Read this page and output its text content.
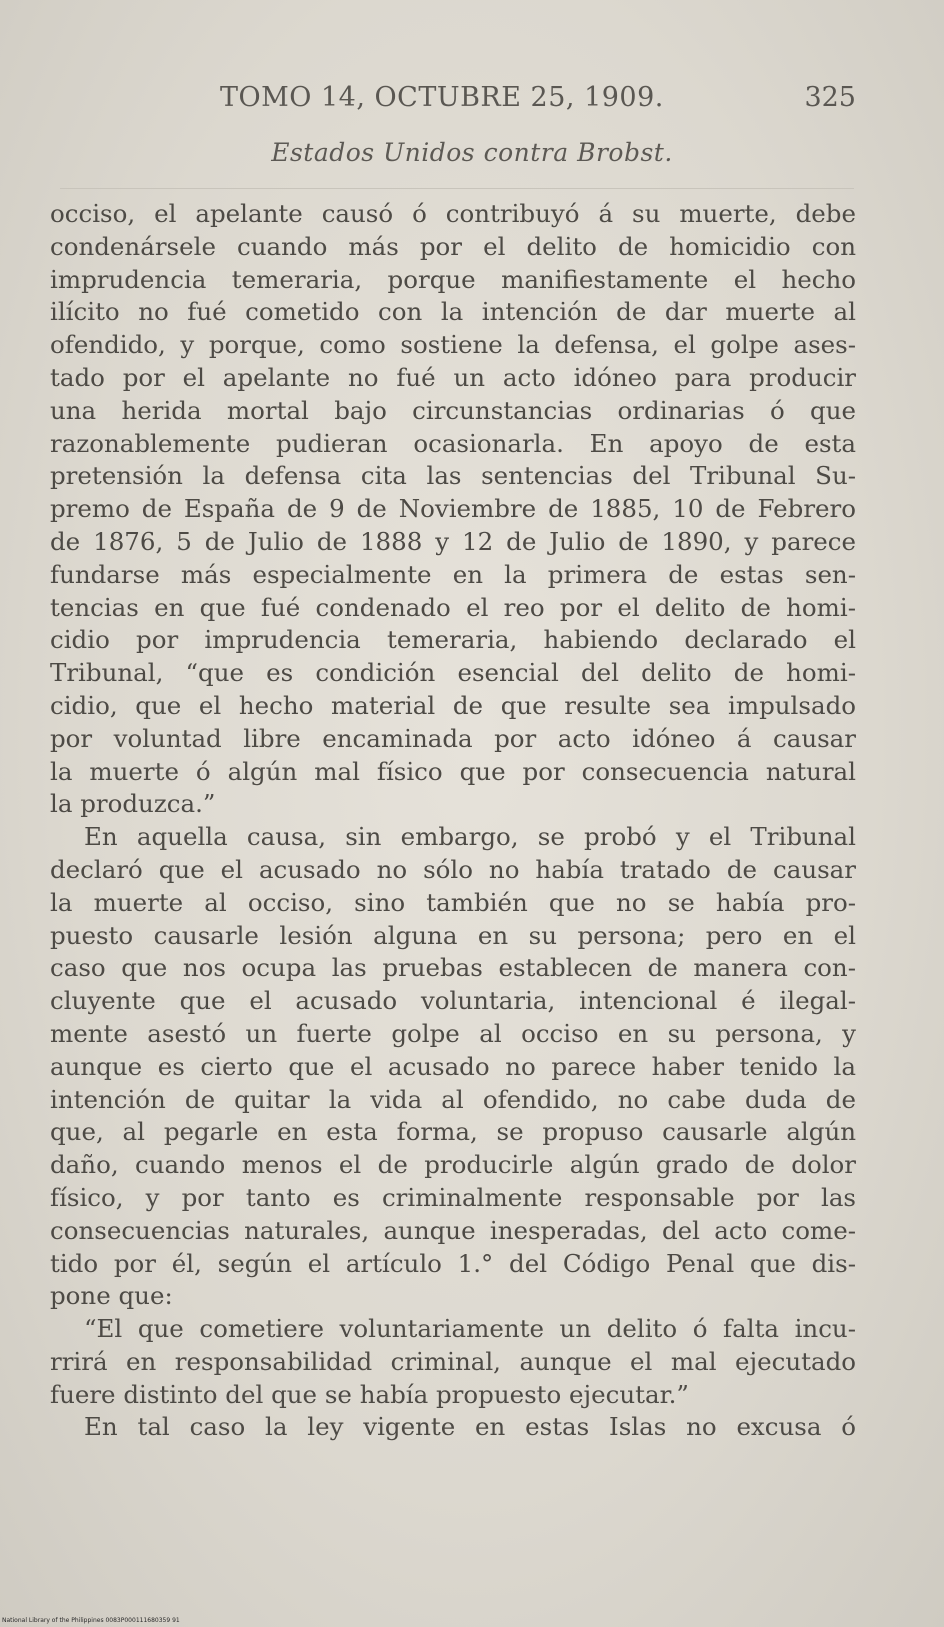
TOMO 14, OCTUBRE 25, 1909.	325
Estados Unidos contra Brobst.

occiso, el apelante causó ó contribuyó á su muerte, debe
condenársele cuando más por el delito de homicidio con
imprudencia temeraria, porque manifiestamente el hecho
ilícito no fué cometido con la intención de dar muerte al
ofendido, y porque, como sostiene la defensa, el golpe ases-
tado por el apelante no fué un acto idóneo para producir
una herida mortal bajo circunstancias ordinarias ó que
razonablemente pudieran ocasionarla. En apoyo de esta
pretensión la defensa cita las sentencias del Tribunal Su-
premo de España de 9 de Noviembre de 1885, 10 de Febrero
de 1876, 5 de Julio de 1888 y 12 de Julio de 1890, y parece
fundarse más especialmente en la primera de estas sen-
tencias en que fué condenado el reo por el delito de homi-
cidio por imprudencia temeraria, habiendo declarado el
Tribunal, “que es condición esencial del delito de homi-
cidio, que el hecho material de que resulte sea impulsado
por voluntad libre encaminada por acto idóneo á causar
la muerte ó algún mal físico que por consecuencia natural
la produzca.”

En aquella causa, sin embargo, se probó y el Tribunal
declaró que el acusado no sólo no había tratado de causar
la muerte al occiso, sino también que no se había pro-
puesto causarle lesión alguna en su persona; pero en el
caso que nos ocupa las pruebas establecen de manera con-
cluyente que el acusado voluntaria, intencional é ilegal-
mente asestó un fuerte golpe al occiso en su persona, y
aunque es cierto que el acusado no parece haber tenido la
intención de quitar la vida al ofendido, no cabe duda de
que, al pegarle en esta forma, se propuso causarle algún
daño, cuando menos el de producirle algún grado de dolor
físico, y por tanto es criminalmente responsable por las
consecuencias naturales, aunque inesperadas, del acto come-
tido por él, según el artículo 1.° del Código Penal que dis-
pone que:

“El que cometiere voluntariamente un delito ó falta incu-
rrirá en responsabilidad criminal, aunque el mal ejecutado
fuere distinto del que se había propuesto ejecutar.”

En tal caso la ley vigente en estas Islas no excusa ó

National Library of the Philippines 0083P000111680359 91
